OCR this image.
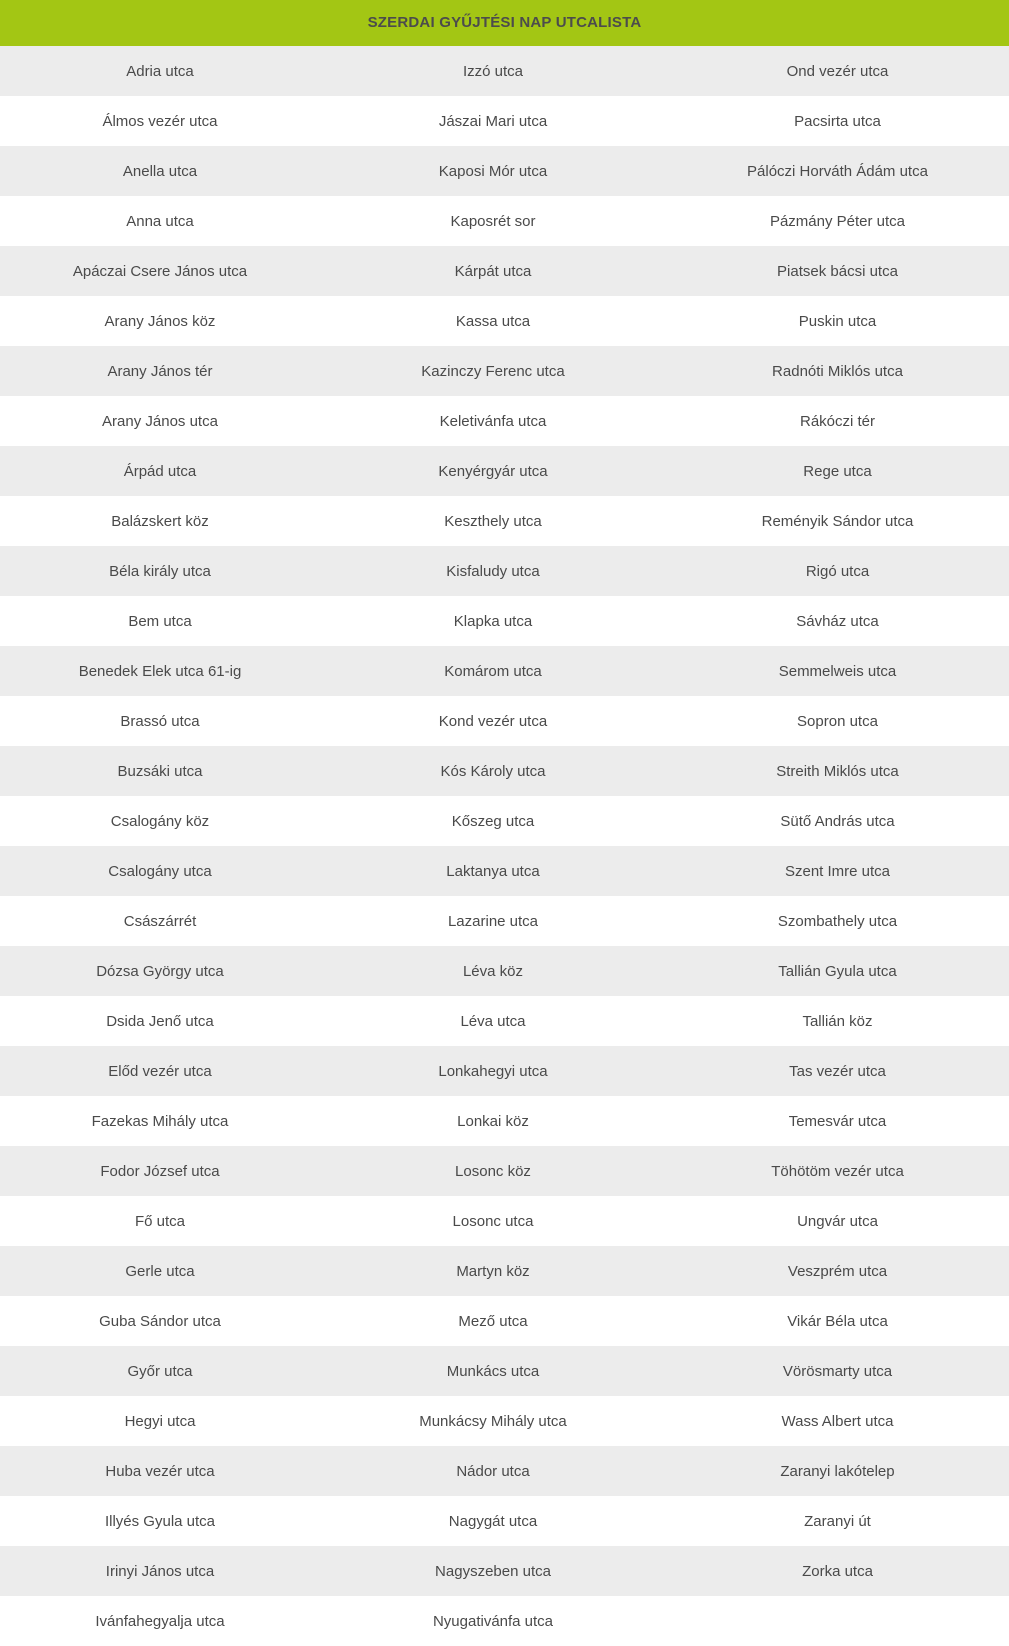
SZERDAI GYŰJTÉSI NAP UTCALISTA
Adria utca	Izzó utca	Ond vezér utca
Álmos vezér utca	Jászai Mari utca	Pacsirta utca
Anella utca	Kaposi Mór utca	Pálóczi Horváth Ádám utca
Anna utca	Kaposrét sor	Pázmány Péter utca
Apáczai Csere János utca	Kárpát utca	Piatsek bácsi utca
Arany János köz	Kassa utca	Puskin utca
Arany János tér	Kazinczy Ferenc utca	Radnóti Miklós utca
Arany János utca	Keletivánfa utca	Rákóczi tér
Árpád utca	Kenyérgyár utca	Rege utca
Balázskert köz	Keszthely utca	Reményik Sándor utca
Béla király utca	Kisfaludy utca	Rigó utca
Bem utca	Klapka utca	Sávház utca
Benedek Elek utca 61-ig	Komárom utca	Semmelweis utca
Brassó utca	Kond vezér utca	Sopron utca
Buzsáki utca	Kós Károly utca	Streith Miklós utca
Csalogány köz	Kőszeg utca	Sütő András utca
Csalogány utca	Laktanya utca	Szent Imre utca
Császárrét	Lazarine utca	Szombathely utca
Dózsa György utca	Léva köz	Tallián Gyula utca
Dsida Jenő utca	Léva utca	Tallián köz
Előd vezér utca	Lonkahegyi utca	Tas vezér utca
Fazekas Mihály utca	Lonkai köz	Temesvár utca
Fodor József utca	Losonc köz	Töhötöm vezér utca
Fő utca	Losonc utca	Ungvár utca
Gerle utca	Martyn köz	Veszprém utca
Guba Sándor utca	Mező utca	Vikár Béla utca
Győr utca	Munkács utca	Vörösmarty utca
Hegyi utca	Munkácsy Mihály utca	Wass Albert utca
Huba vezér utca	Nádor utca	Zaranyi lakótelep
Illyés Gyula utca	Nagygát utca	Zaranyi út
Irinyi János utca	Nagyszeben utca	Zorka utca
Ivánfahegyalja utca	Nyugativánfa utca
